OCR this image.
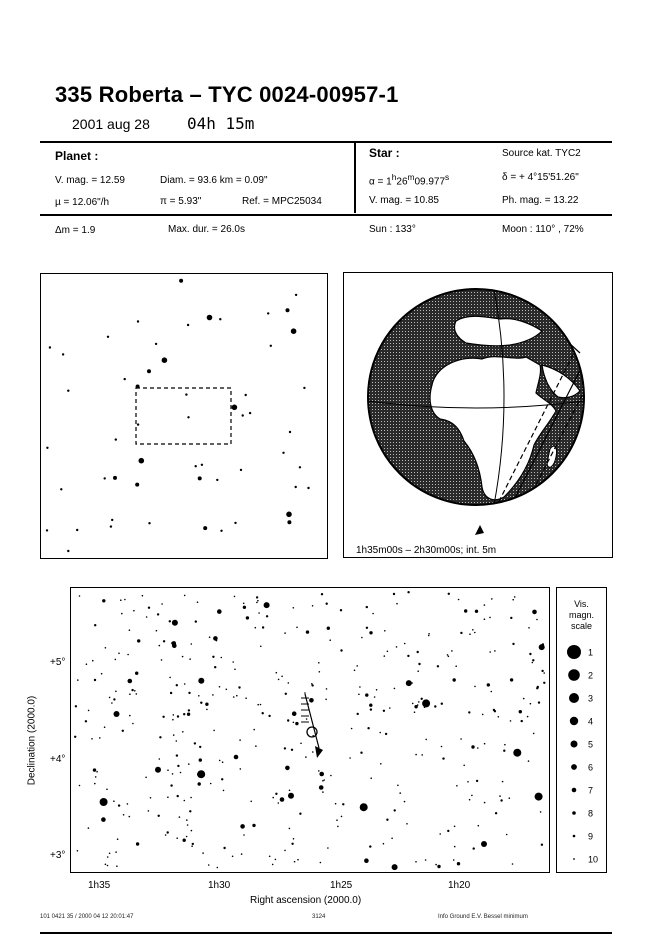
335 Roberta – TYC 0024-00957-1
2001 aug 28 04h 15m
Planet :
V. mag. = 12.59	Diam. = 93.6 km = 0.09"
µ = 12.06"/h	π = 5.93"	Ref. = MPC25034
Star :	Source kat. TYC2
$\alpha = 1^h26^m09.977^s$	δ = + 4°15'51.26"
V. mag. = 10.85	Ph. mag. = 13.22
Δm = 1.9	Max. dur. = 26.0s	Sun : 133°	Moon : 110° , 72%
1h35m00s – 2h30m00s; int. 5m
Declination (2000.0)
+5°
+4°
+3°
1h35	1h30	1h25	1h20
Right ascension (2000.0)
Vis.
magn.
scale
1
2
3
4
5
6
7
8
9
10
101 0421 35 / 2000 04 12 20:01:47	3124	Info Ground E.V. Bessel minimum
